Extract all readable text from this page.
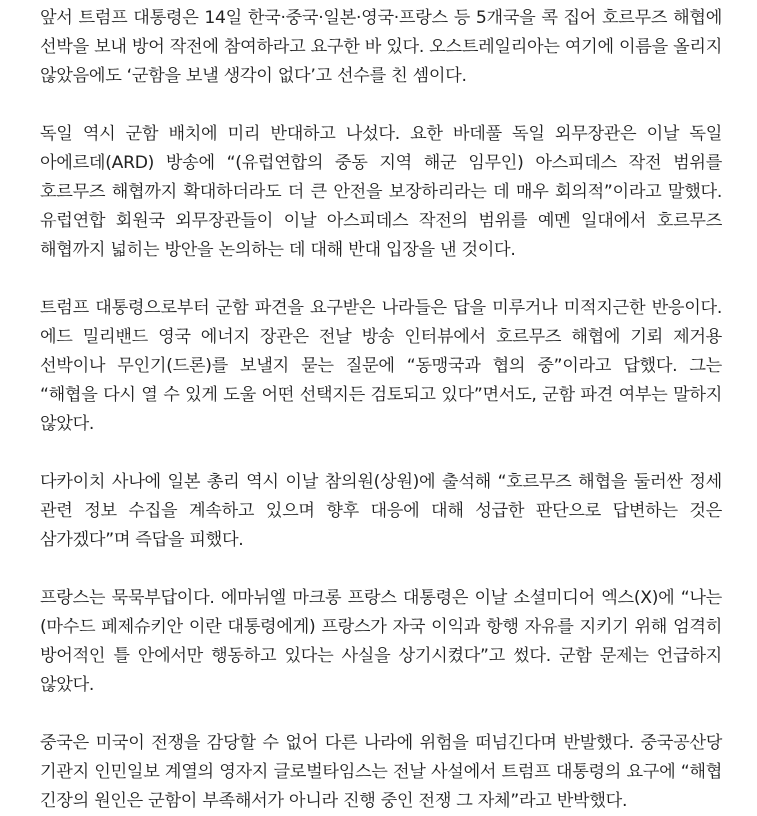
앞서 트럼프 대통령은 14일 한국·중국·일본·영국·프랑스 등 5개국을 콕 집어 호르무즈 해협에 선박을 보내 방어 작전에 참여하라고 요구한 바 있다. 오스트레일리아는 여기에 이름을 올리지 않았음에도 ‘군함을 보낼 생각이 없다’고 선수를 친 셈이다.

독일 역시 군함 배치에 미리 반대하고 나섰다. 요한 바데풀 독일 외무장관은 이날 독일 아에르데(ARD) 방송에 “(유럽연합의 중동 지역 해군 임무인) 아스피데스 작전 범위를 호르무즈 해협까지 확대하더라도 더 큰 안전을 보장하리라는 데 매우 회의적”이라고 말했다. 유럽연합 회원국 외무장관들이 이날 아스피데스 작전의 범위를 예멘 일대에서 호르무즈 해협까지 넓히는 방안을 논의하는 데 대해 반대 입장을 낸 것이다.

트럼프 대통령으로부터 군함 파견을 요구받은 나라들은 답을 미루거나 미적지근한 반응이다. 에드 밀리밴드 영국 에너지 장관은 전날 방송 인터뷰에서 호르무즈 해협에 기뢰 제거용 선박이나 무인기(드론)를 보낼지 묻는 질문에 “동맹국과 협의 중”이라고 답했다. 그는 “해협을 다시 열 수 있게 도울 어떤 선택지든 검토되고 있다”면서도, 군함 파견 여부는 말하지 않았다.

다카이치 사나에 일본 총리 역시 이날 참의원(상원)에 출석해 “호르무즈 해협을 둘러싼 정세 관련 정보 수집을 계속하고 있으며 향후 대응에 대해 성급한 판단으로 답변하는 것은 삼가겠다”며 즉답을 피했다.

프랑스는 묵묵부답이다. 에마뉘엘 마크롱 프랑스 대통령은 이날 소셜미디어 엑스(X)에 “나는 (마수드 페제슈키안 이란 대통령에게) 프랑스가 자국 이익과 항행 자유를 지키기 위해 엄격히 방어적인 틀 안에서만 행동하고 있다는 사실을 상기시켰다”고 썼다. 군함 문제는 언급하지 않았다.

중국은 미국이 전쟁을 감당할 수 없어 다른 나라에 위험을 떠넘긴다며 반발했다. 중국공산당 기관지 인민일보 계열의 영자지 글로벌타임스는 전날 사설에서 트럼프 대통령의 요구에 “해협 긴장의 원인은 군함이 부족해서가 아니라 진행 중인 전쟁 그 자체”라고 반박했다.
